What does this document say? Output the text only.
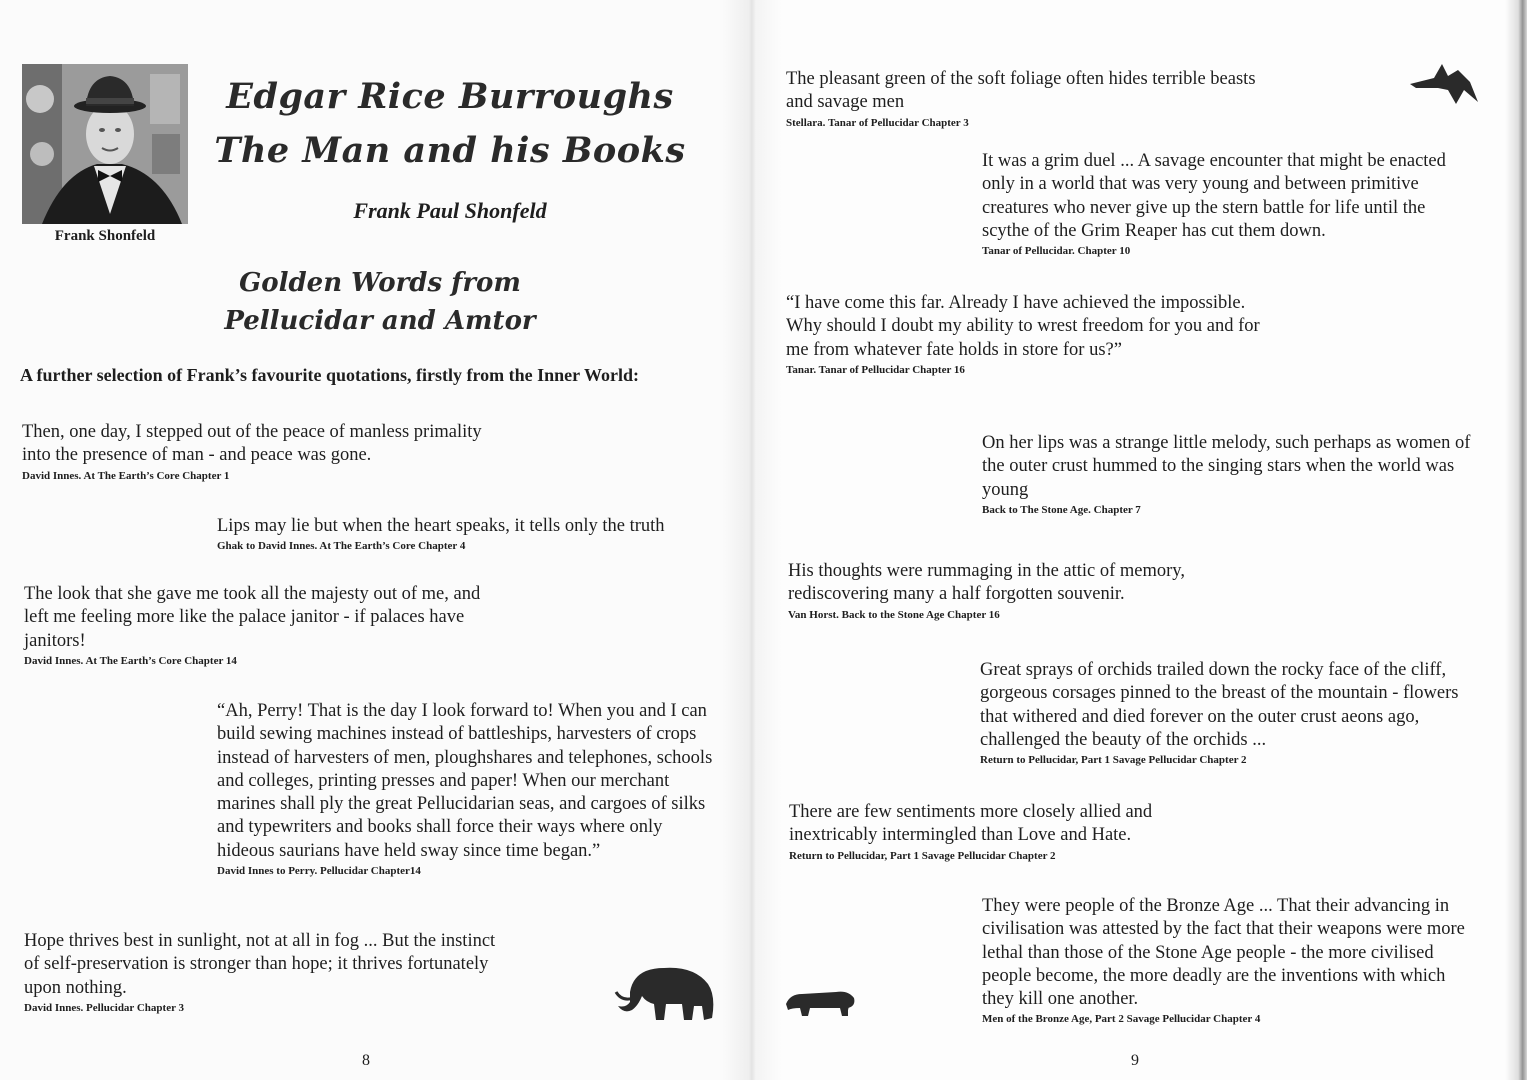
Frank Shonfeld
Edgar Rice Burroughs
The Man and his Books
Frank Paul Shonfeld
Golden Words from
Pellucidar and Amtor
A further selection of Frank’s favourite quotations, firstly from the Inner World:
Then, one day, I stepped out of the peace of manless primality into the presence of man - and peace was gone.
David Innes. At The Earth’s Core Chapter 1
Lips may lie but when the heart speaks, it tells only the truth
Ghak to David Innes. At The Earth’s Core Chapter 4
The look that she gave me took all the majesty out of me, and left me feeling more like the palace janitor - if palaces have janitors!
David Innes. At The Earth’s Core Chapter 14
“Ah, Perry! That is the day I look forward to! When you and I can build sewing machines instead of battleships, harvesters of crops instead of harvesters of men, ploughshares and telephones, schools and colleges, printing presses and paper! When our merchant marines shall ply the great Pellucidarian seas, and cargoes of silks and typewriters and books shall force their ways where only hideous saurians have held sway since time began.”
David Innes to Perry. Pellucidar Chapter14
Hope thrives best in sunlight, not at all in fog ... But the instinct of self-preservation is stronger than hope; it thrives fortunately upon nothing.
David Innes. Pellucidar Chapter 3
8
The pleasant green of the soft foliage often hides terrible beasts and savage men
Stellara. Tanar of Pellucidar Chapter 3
It was a grim duel ... A savage encounter that might be enacted only in a world that was very young and between primitive creatures who never give up the stern battle for life until the scythe of the Grim Reaper has cut them down.
Tanar of Pellucidar. Chapter 10
“I have come this far. Already I have achieved the impossible. Why should I doubt my ability to wrest freedom for you and for me from whatever fate holds in store for us?”
Tanar. Tanar of Pellucidar Chapter 16
On her lips was a strange little melody, such perhaps as women of the outer crust hummed to the singing stars when the world was young
Back to The Stone Age. Chapter 7
His thoughts were rummaging in the attic of memory, rediscovering many a half forgotten souvenir.
Van Horst. Back to the Stone Age Chapter 16
Great sprays of orchids trailed down the rocky face of the cliff, gorgeous corsages pinned to the breast of the mountain - flowers that withered and died forever on the outer crust aeons ago, challenged the beauty of the orchids ...
Return to Pellucidar, Part 1 Savage Pellucidar Chapter 2
There are few sentiments more closely allied and inextricably intermingled than Love and Hate.
Return to Pellucidar, Part 1 Savage Pellucidar Chapter 2
They were people of the Bronze Age ... That their advancing in civilisation was attested by the fact that their weapons were more lethal than those of the Stone Age people - the more civilised people become, the more deadly are the inventions with which they kill one another.
Men of the Bronze Age, Part 2 Savage Pellucidar Chapter 4
9
